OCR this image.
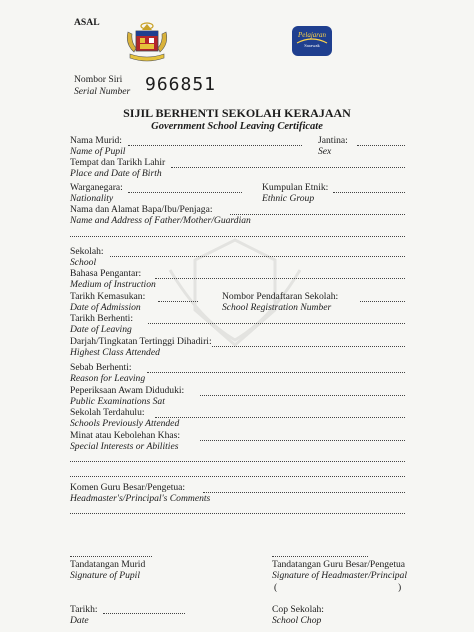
ASAL
Pelajaran
Sarawak
Nombor Siri
Serial Number 966851
SIJIL BERHENTI SEKOLAH KERAJAAN
Government School Leaving Certificate
Nama Murid:
Name of Pupil
Jantina:
Sex
Tempat dan Tarikh Lahir
Place and Date of Birth
Warganegara:
Nationality
Kumpulan Etnik:
Ethnic Group
Nama dan Alamat Bapa/Ibu/Penjaga:
Name and Address of Father/Mother/Guardian
Sekolah:
School
Bahasa Pengantar:
Medium of Instruction
Tarikh Kemasukan:
Date of Admission
Nombor Pendaftaran Sekolah:
School Registration Number
Tarikh Berhenti:
Date of Leaving
Darjah/Tingkatan Tertinggi Dihadiri:
Highest Class Attended
Sebab Berhenti:
Reason for Leaving
Peperiksaan Awam Diduduki:
Public Examinations Sat
Sekolah Terdahulu:
Schools Previously Attended
Minat atau Kebolehan Khas:
Special Interests or Abilities
Komen Guru Besar/Pengetua:
Headmaster's/Principal's Comments
Tandatangan Murid
Signature of Pupil
Tandatangan Guru Besar/Pengetua
Signature of Headmaster/Principal
(	)
Tarikh:
Date
Cop Sekolah:
School Chop
